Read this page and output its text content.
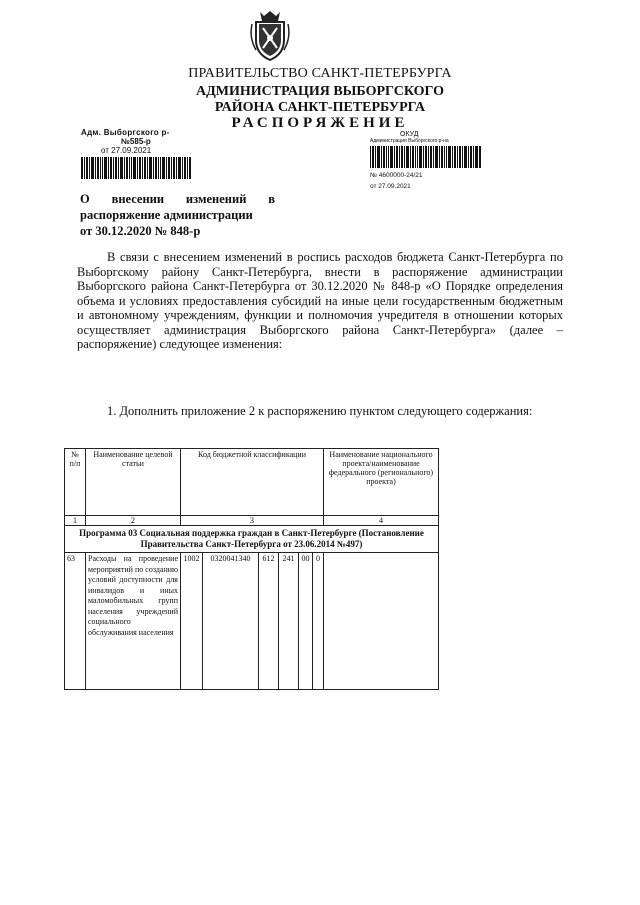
ПРАВИТЕЛЬСТВО САНКТ-ПЕТЕРБУРГА
АДМИНИСТРАЦИЯ ВЫБОРГСКОГО
РАЙОНА САНКТ-ПЕТЕРБУРГА
РАСПОРЯЖЕНИЕ
Адм. Выборгского р-
№585-р
от 27.09.2021
ОКУД
Администрация Выборгского р-на
№ 4600000-24/21
от 27.09.2021
О внесении изменений в
распоряжение администрации
от 30.12.2020 № 848-р

В связи с внесением изменений в роспись расходов бюджета Санкт-Петербурга по Выборгскому району Санкт-Петербурга, внести в распоряжение администрации Выборгского района Санкт-Петербурга от 30.12.2020 № 848-р «О Порядке определения объема и условиях предоставления субсидий на иные цели государственным бюджетным и автономному учреждениям, функции и полномочия учредителя в отношении которых осуществляет администрация Выборгского района Санкт-Петербурга» (далее – распоряжение) следующее изменения:

1. Дополнить приложение 2 к распоряжению пунктом следующего содержания:

№ п/п	Наименование целевой статьи	Код бюджетной классификации						Наименование национального проекта/наименование федерального (регионального) проекта)
1	2	3						4
Программа 03 Социальная поддержка граждан в Санкт-Петербурге (Постановление Правительства Санкт-Петербурга от 23.06.2014 №497)								
63	Расходы на проведение мероприятий по созданию условий доступности для инвалидов и иных маломобильных групп населения учреждений социального обслуживания населения	1002	0320041340	612	241	00	0	
